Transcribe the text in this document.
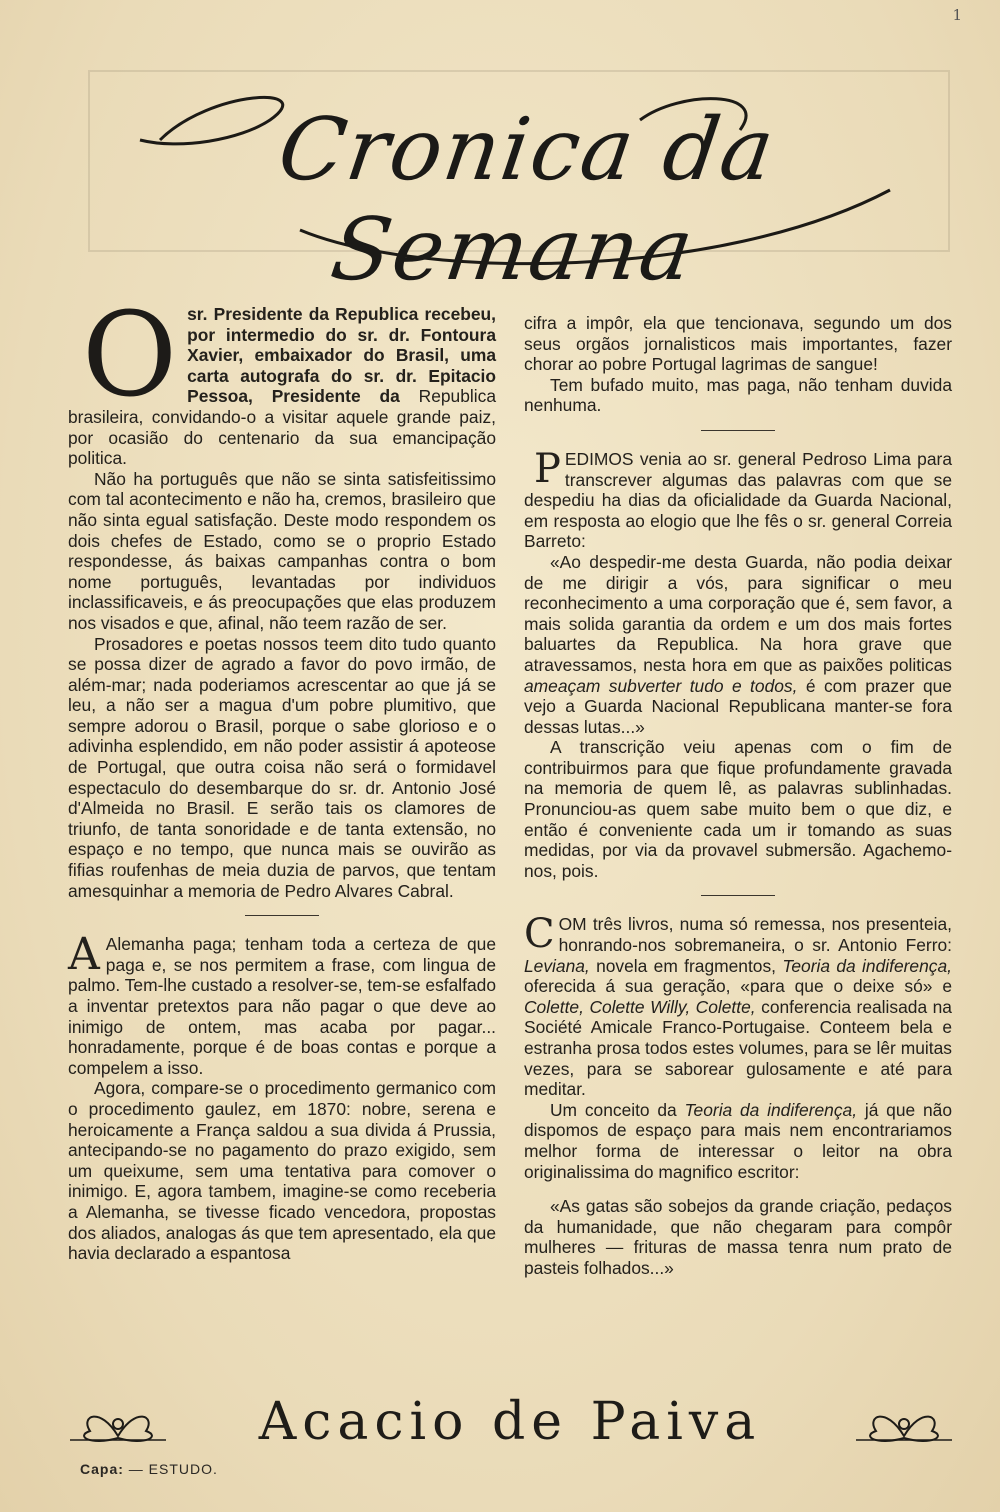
1
Cronica da Semana

Osr. Presidente da Republica recebeu, por intermedio do sr. dr. Fontoura Xavier, embaixador do Brasil, uma carta autografa do sr. dr. Epitacio Pessoa, Presidente da Republica brasileira, convidando-o a visitar aquele grande paiz, por ocasião do centenario da sua emancipação politica.

Não ha português que não se sinta satisfeitissimo com tal acontecimento e não ha, cremos, brasileiro que não sinta egual satisfação. Deste modo respondem os dois chefes de Estado, como se o proprio Estado respondesse, ás baixas campanhas contra o bom nome português, levantadas por individuos inclassificaveis, e ás preocupações que elas produzem nos visados e que, afinal, não teem razão de ser.

Prosadores e poetas nossos teem dito tudo quanto se possa dizer de agrado a favor do povo irmão, de além-mar; nada poderiamos acrescentar ao que já se leu, a não ser a magua d'um pobre plumitivo, que sempre adorou o Brasil, porque o sabe glorioso e o adivinha esplendido, em não poder assistir á apoteose de Portugal, que outra coisa não será o formidavel espectaculo do desembarque do sr. dr. Antonio José d'Almeida no Brasil. E serão tais os clamores de triunfo, de tanta sonoridade e de tanta extensão, no espaço e no tempo, que nunca mais se ouvirão as fifias roufenhas de meia duzia de parvos, que tentam amesquinhar a memoria de Pedro Alvares Cabral.

A Alemanha paga; tenham toda a certeza de que paga e, se nos permitem a frase, com lingua de palmo. Tem-lhe custado a resolver-se, tem-se esfalfado a inventar pretextos para não pagar o que deve ao inimigo de ontem, mas acaba por pagar... honradamente, porque é de boas contas e porque a compelem a isso.

Agora, compare-se o procedimento germanico com o procedimento gaulez, em 1870: nobre, serena e heroicamente a França saldou a sua divida á Prussia, antecipando-se no pagamento do prazo exigido, sem um queixume, sem uma tentativa para comover o inimigo. E, agora tambem, imagine-se como receberia a Alemanha, se tivesse ficado vencedora, propostas dos aliados, analogas ás que tem apresentado, ela que havia declarado a espantosa

cifra a impôr, ela que tencionava, segundo um dos seus orgãos jornalisticos mais importantes, fazer chorar ao pobre Portugal lagrimas de sangue!

Tem bufado muito, mas paga, não tenham duvida nenhuma.

PEDIMOS venia ao sr. general Pedroso Lima para transcrever algumas das palavras com que se despediu ha dias da oficialidade da Guarda Nacional, em resposta ao elogio que lhe fês o sr. general Correia Barreto:

«Ao despedir-me desta Guarda, não podia deixar de me dirigir a vós, para significar o meu reconhecimento a uma corporação que é, sem favor, a mais solida garantia da ordem e um dos mais fortes baluartes da Republica. Na hora grave que atravessamos, nesta hora em que as paixões politicas ameaçam subverter tudo e todos, é com prazer que vejo a Guarda Nacional Republicana manter-se fora dessas lutas...»

A transcrição veiu apenas com o fim de contribuirmos para que fique profundamente gravada na memoria de quem lê, as palavras sublinhadas. Pronunciou-as quem sabe muito bem o que diz, e então é conveniente cada um ir tomando as suas medidas, por via da provavel submersão. Agachemo-nos, pois.

COM três livros, numa só remessa, nos presenteia, honrando-nos sobremaneira, o sr. Antonio Ferro: Leviana, novela em fragmentos, Teoria da indiferença, oferecida á sua geração, «para que o deixe só» e Colette, Colette Willy, Colette, conferencia realisada na Société Amicale Franco-Portugaise. Conteem bela e estranha prosa todos estes volumes, para se lêr muitas vezes, para se saborear gulosamente e até para meditar.

Um conceito da Teoria da indiferença, já que não dispomos de espaço para mais nem encontrariamos melhor forma de interessar o leitor na obra originalissima do magnifico escritor:

«As gatas são sobejos da grande criação, pedaços da humanidade, que não chegaram para compôr mulheres — frituras de massa tenra num prato de pasteis folhados...»

Acacio de Paiva
Capa: — ESTUDO.
